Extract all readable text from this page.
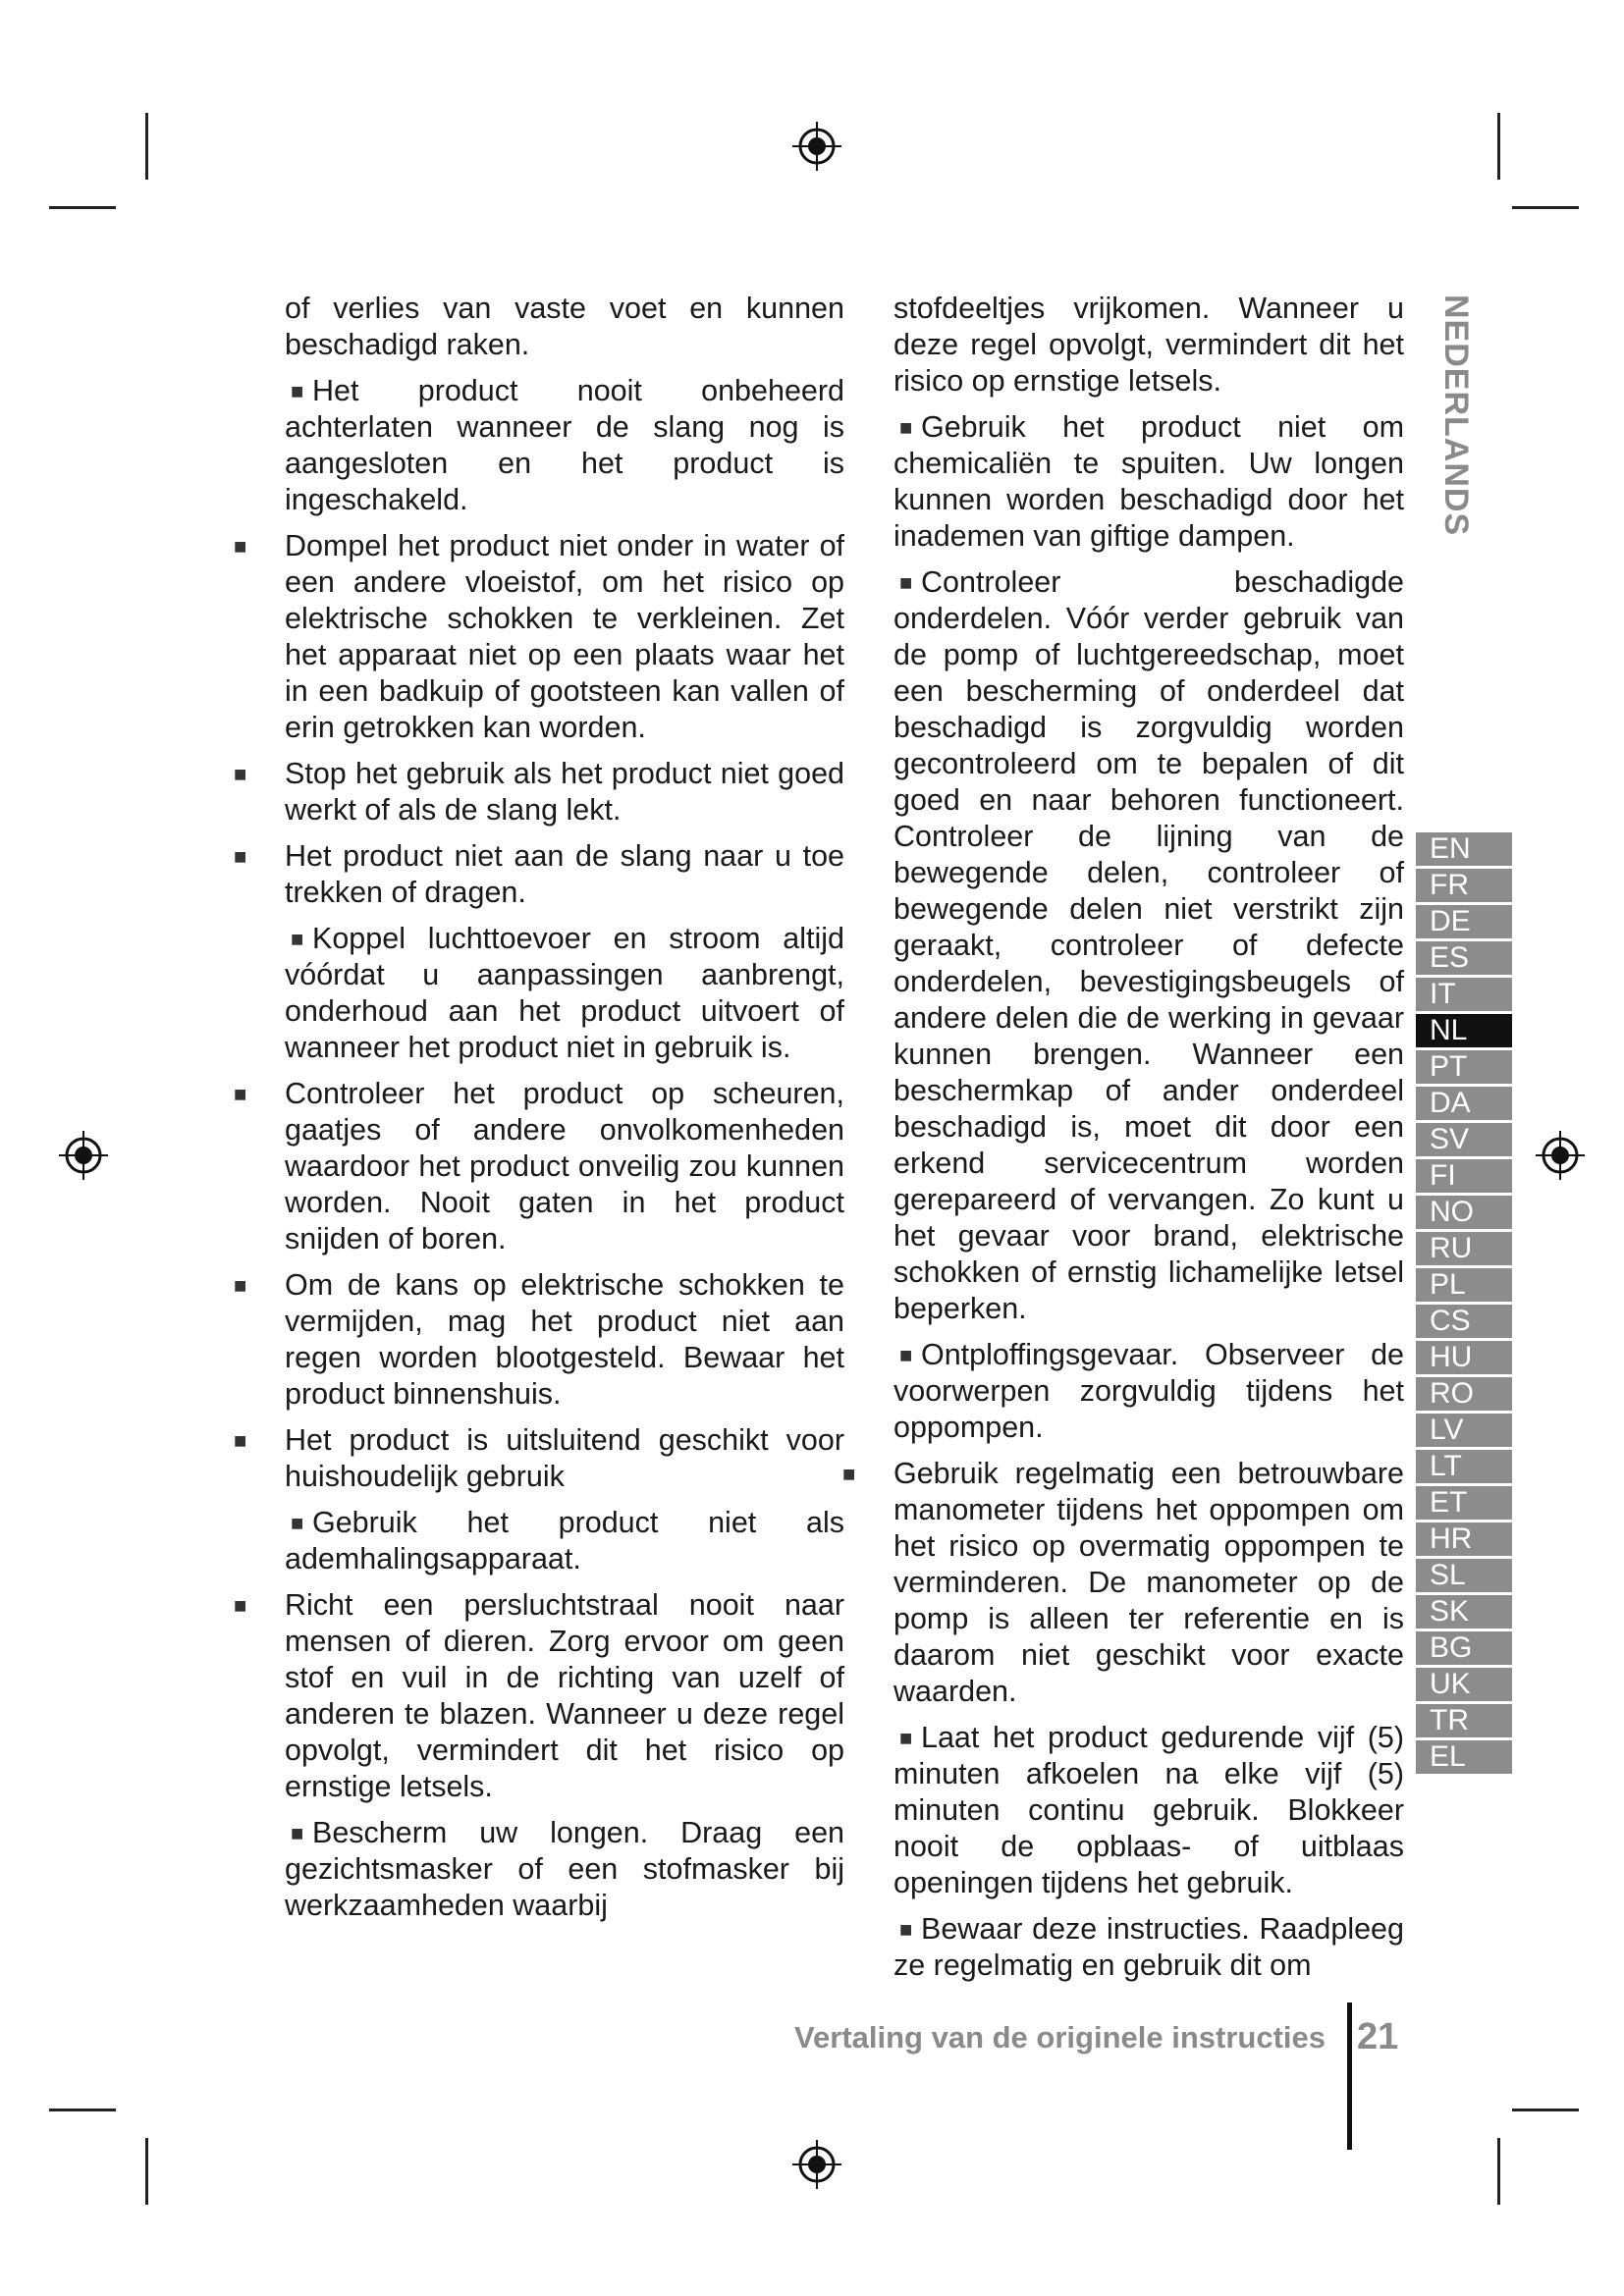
of verlies van vaste voet en kunnen beschadigd raken.
■ Het product nooit onbeheerd achterlaten wanneer de slang nog is aangesloten en het product is ingeschakeld.
■ Dompel het product niet onder in water of een andere vloeistof, om het risico op elektrische schokken te verkleinen. Zet het apparaat niet op een plaats waar het in een badkuip of gootsteen kan vallen of erin getrokken kan worden.
■ Stop het gebruik als het product niet goed werkt of als de slang lekt.
■ Het product niet aan de slang naar u toe trekken of dragen.
■ Koppel luchttoevoer en stroom altijd vóórdat u aanpassingen aanbrengt, onderhoud aan het product uitvoert of wanneer het product niet in gebruik is.
■ Controleer het product op scheuren, gaatjes of andere onvolkomenheden waardoor het product onveilig zou kunnen worden. Nooit gaten in het product snijden of boren.
■ Om de kans op elektrische schokken te vermijden, mag het product niet aan regen worden blootgesteld. Bewaar het product binnenshuis.
■ Het product is uitsluitend geschikt voor huishoudelijk gebruik
■ Gebruik het product niet als ademhalingsapparaat.
■ Richt een persluchtstraal nooit naar mensen of dieren. Zorg ervoor om geen stof en vuil in de richting van uzelf of anderen te blazen. Wanneer u deze regel opvolgt, vermindert dit het risico op ernstige letsels.
■ Bescherm uw longen. Draag een gezichtsmasker of een stofmasker bij werkzaamheden waarbij
stofdeeltjes vrijkomen. Wanneer u deze regel opvolgt, vermindert dit het risico op ernstige letsels.
■ Gebruik het product niet om chemicaliën te spuiten. Uw longen kunnen worden beschadigd door het inademen van giftige dampen.
■ Controleer beschadigde onderdelen. Vóór verder gebruik van de pomp of luchtgereedschap, moet een bescherming of onderdeel dat beschadigd is zorgvuldig worden gecontroleerd om te bepalen of dit goed en naar behoren functioneert. Controleer de lijning van de bewegende delen, controleer of bewegende delen niet verstrikt zijn geraakt, controleer of defecte onderdelen, bevestigingsbeugels of andere delen die de werking in gevaar kunnen brengen. Wanneer een beschermkap of ander onderdeel beschadigd is, moet dit door een erkend servicecentrum worden gerepareerd of vervangen. Zo kunt u het gevaar voor brand, elektrische schokken of ernstig lichamelijke letsel beperken.
■ Ontploffingsgevaar. Observeer de voorwerpen zorgvuldig tijdens het oppompen.
■ Gebruik regelmatig een betrouwbare manometer tijdens het oppompen om het risico op overmatig oppompen te verminderen. De manometer op de pomp is alleen ter referentie en is daarom niet geschikt voor exacte waarden.
■ Laat het product gedurende vijf (5) minuten afkoelen na elke vijf (5) minuten continu gebruik. Blokkeer nooit de opblaas- of uitblaas openingen tijdens het gebruik.
■ Bewaar deze instructies. Raadpleeg ze regelmatig en gebruik dit om
NEDERLANDS
EN
FR
DE
ES
IT
NL
PT
DA
SV
FI
NO
RU
PL
CS
HU
RO
LV
LT
ET
HR
SL
SK
BG
UK
TR
EL
Vertaling van de originele instructies 21
